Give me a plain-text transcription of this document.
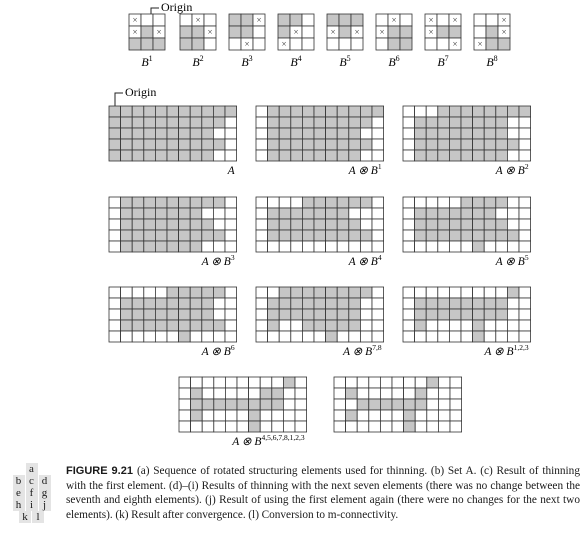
Origin
Origin
×
× ×
$B^1$
×
×
$B^2$
×
×
$B^3$
×
×
$B^4$
× ×
$B^5$
×
×
$B^6$
× ×
×
×
$B^7$
×
×
×
$B^8$
A	A ⊗ $B^1$	A ⊗ $B^2$
A ⊗ $B^3$	A ⊗ $B^4$	A ⊗ $B^5$
A ⊗ $B^6$	A ⊗ B$^{7,8}$	A ⊗ B$^{1,2,3}$
A ⊗ B$^{4,5,6,7,8,1,2,3}$
a
b c d
e f g
h i j
k l
FIGURE 9.21 (a) Sequence of rotated structuring elements used for thinning. (b) Set A. (c) Result of thinning with the first element. (d)–(i) Results of thinning with the next seven elements (there was no change between the seventh and eighth elements). (j) Result of using the first element again (there were no changes for the next two elements). (k) Result after convergence. (l) Conversion to m-connectivity.
